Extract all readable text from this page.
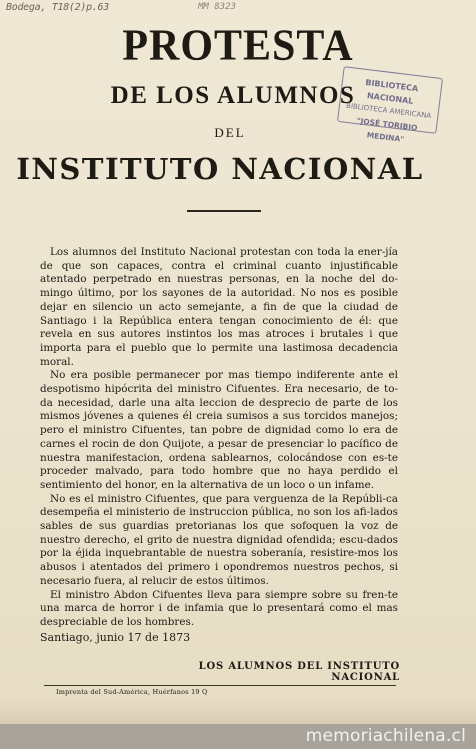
Bodega, T18(2)p.63	MM 8323
PROTESTA
DE LOS ALUMNOS
DEL
INSTITUTO NACIONAL
BIBLIOTECA NACIONAL
BIBLIOTECA AMERICANA
"JOSÉ TORIBIO MEDINA"

Los alumnos del Instituto Nacional protestan con toda la ener-jía de que son capaces, contra el criminal cuanto injustificable atentado perpetrado en nuestras personas, en la noche del do-mingo último, por los sayones de la autoridad. No nos es posible dejar en silencio un acto semejante, a fin de que la ciudad de Santiago i la República entera tengan conocimiento de él: que revela en sus autores instintos los mas atroces i brutales i que importa para el pueblo que lo permite una lastimosa decadencia moral.

No era posible permanecer por mas tiempo indiferente ante el despotismo hipócrita del ministro Cifuentes. Era necesario, de to-da necesidad, darle una alta leccion de desprecio de parte de los mismos jóvenes a quienes él creia sumisos a sus torcidos manejos; pero el ministro Cifuentes, tan pobre de dignidad como lo era de carnes el rocin de don Quijote, a pesar de presenciar lo pacífico de nuestra manifestacion, ordena sablearnos, colocándose con es-te proceder malvado, para todo hombre que no haya perdido el sentimiento del honor, en la alternativa de un loco o un infame.

No es el ministro Cifuentes, que para verguenza de la Repúbli-ca desempeña el ministerio de instruccion pública, no son los afi-lados sables de sus guardias pretorianas los que sofoquen la voz de nuestro derecho, el grito de nuestra dignidad ofendida; escu-dados por la éjida inquebrantable de nuestra soberanía, resistire-mos los abusos i atentados del primero i opondremos nuestros pechos, si necesario fuera, al relucir de estos últimos.

El ministro Abdon Cifuentes lleva para siempre sobre su fren-te una marca de horror i de infamia que lo presentará como el mas despreciable de los hombres.

Santiago, junio 17 de 1873

LOS ALUMNOS DEL INSTITUTO NACIONAL
Imprenta del Sud-América, Huérfanos 19 Q
memoriachilena.cl
